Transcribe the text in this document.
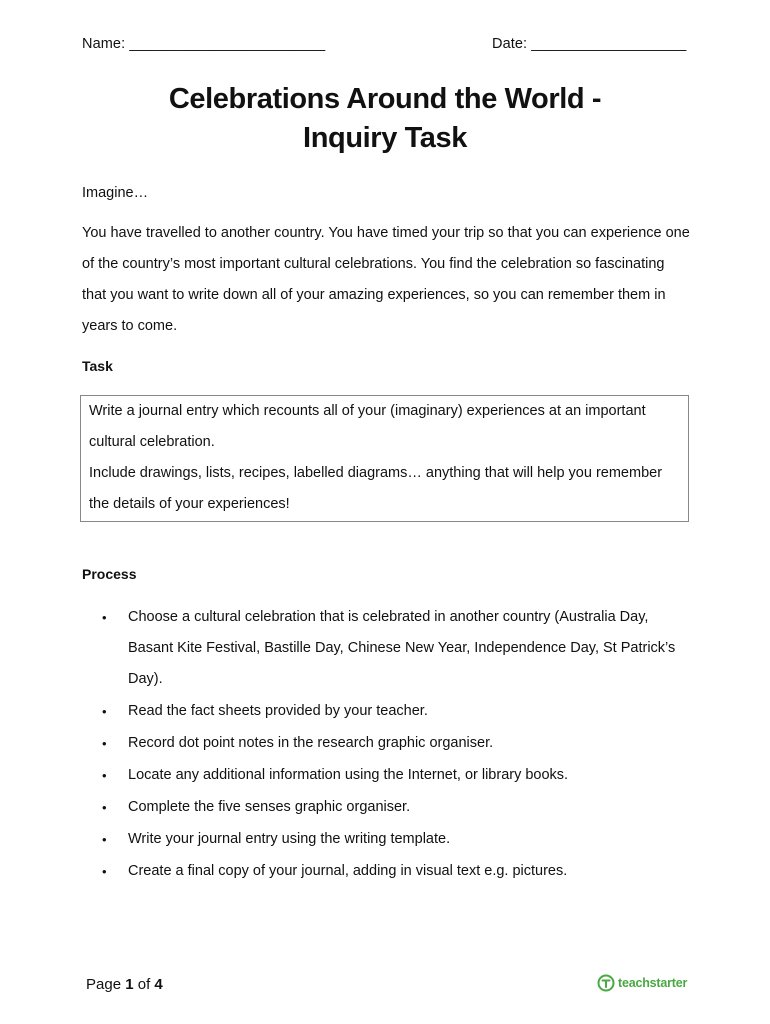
Name: ________________________	Date: ___________________
Celebrations Around the World -
Inquiry Task
Imagine…
You have travelled to another country. You have timed your trip so that you can experience one of the country’s most important cultural celebrations. You find the celebration so fascinating that you want to write down all of your amazing experiences, so you can remember them in years to come.
Task
Write a journal entry which recounts all of your (imaginary) experiences at an important cultural celebration.
Include drawings, lists, recipes, labelled diagrams… anything that will help you remember the details of your experiences!
Process
• Choose a cultural celebration that is celebrated in another country (Australia Day, Basant Kite Festival, Bastille Day, Chinese New Year, Independence Day, St Patrick’s Day).
• Read the fact sheets provided by your teacher.
• Record dot point notes in the research graphic organiser.
• Locate any additional information using the Internet, or library books.
• Complete the five senses graphic organiser.
• Write your journal entry using the writing template.
• Create a final copy of your journal, adding in visual text e.g. pictures.
Page 1 of 4	teachstarter
